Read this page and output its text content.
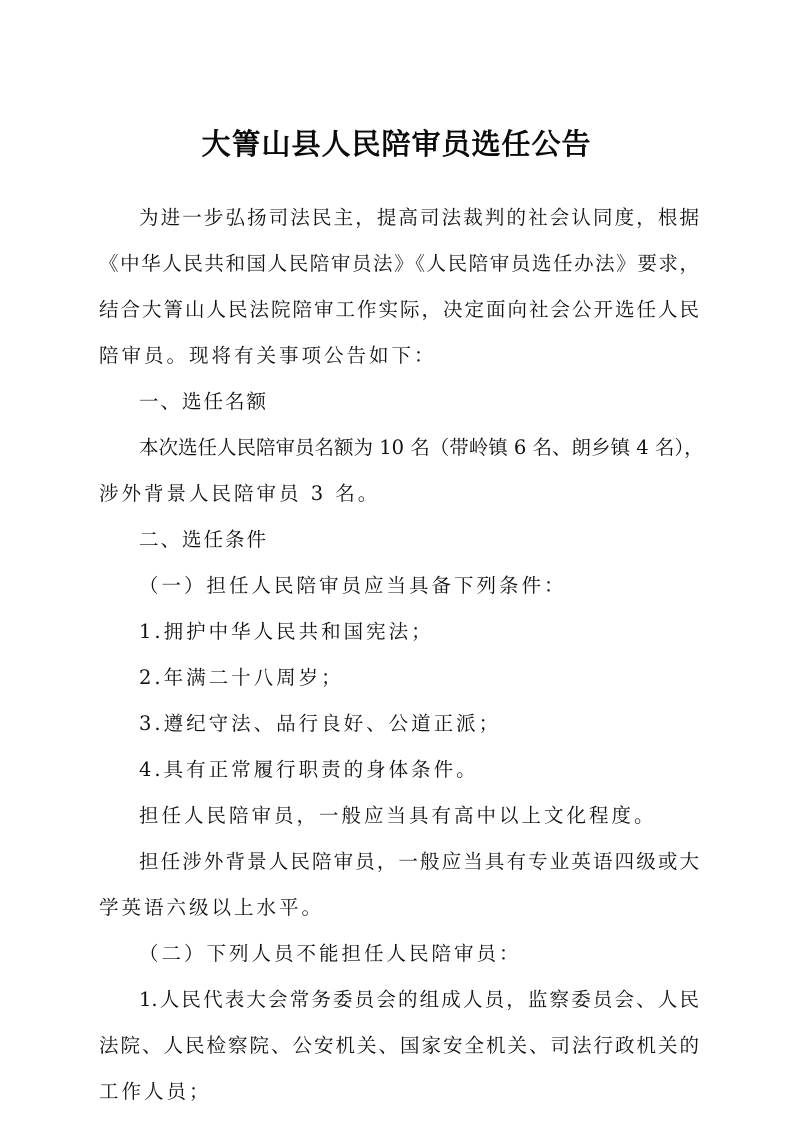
大箐山县人民陪审员选任公告
为进一步弘扬司法民主，提高司法裁判的社会认同度，根据
《中华人民共和国人民陪审员法》《人民陪审员选任办法》要求，
结合大箐山人民法院陪审工作实际，决定面向社会公开选任人民
陪审员。现将有关事项公告如下：
一、选任名额
本次选任人民陪审员名额为 10 名（带岭镇 6 名、朗乡镇 4 名），
涉外背景人民陪审员 3 名。
二、选任条件
（一）担任人民陪审员应当具备下列条件：
1.拥护中华人民共和国宪法；
2.年满二十八周岁；
3.遵纪守法、品行良好、公道正派；
4.具有正常履行职责的身体条件。
担任人民陪审员，一般应当具有高中以上文化程度。
担任涉外背景人民陪审员，一般应当具有专业英语四级或大
学英语六级以上水平。
（二）下列人员不能担任人民陪审员：
1.人民代表大会常务委员会的组成人员，监察委员会、人民
法院、人民检察院、公安机关、国家安全机关、司法行政机关的
工作人员；
